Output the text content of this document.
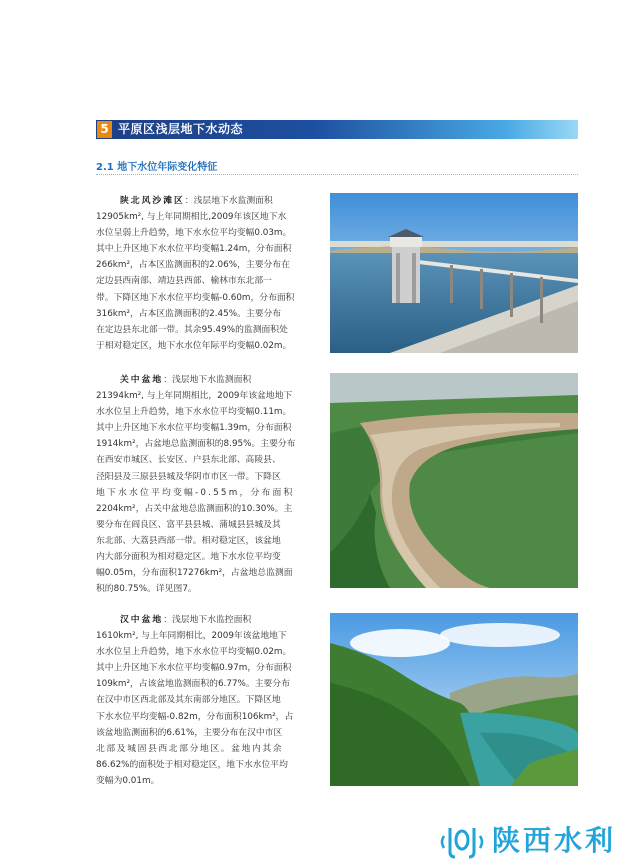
5 平原区浅层地下水动态
2.1 地下水位年际变化特征
陕北风沙滩区：浅层地下水监测面积
12905km², 与上年同期相比,2009年该区地下水
水位呈弱上升趋势，地下水水位平均变幅0.03m。
其中上升区地下水水位平均变幅1.24m，分布面积
266km²，占本区监测面积的2.06%，主要分布在
定边县西南部、靖边县西部、榆林市东北部一
带。下降区地下水水位平均变幅-0.60m，分布面积
316km²，占本区监测面积的2.45%。主要分布
在定边县东北部一带。其余95.49%的监测面积处
于相对稳定区，地下水水位年际平均变幅0.02m。
关中盆地：浅层地下水监测面积
21394km², 与上年同期相比，2009年该盆地地下
水水位呈上升趋势，地下水水位平均变幅0.11m。
其中上升区地下水水位平均变幅1.39m，分布面积
1914km²，占盆地总监测面积的8.95%。主要分布
在西安市城区、长安区、户县东北部、高陵县、
泾阳县及三原县县城及华阴市市区一带。下降区
地下水水位平均变幅-0.55m，分布面积
2204km²，占关中盆地总监测面积的10.30%。主
要分布在阎良区、富平县县城、蒲城县县城及其
东北部、大荔县西部一带。相对稳定区，该盆地
内大部分面积为相对稳定区。地下水水位平均变
幅0.05m，分布面积17276km²，占盆地总监测面
积的80.75%。详见图7。
汉中盆地：浅层地下水监控面积
1610km², 与上年同期相比，2009年该盆地地下
水水位呈上升趋势，地下水水位平均变幅0.02m。
其中上升区地下水水位平均变幅0.97m，分布面积
109km²，占该盆地监测面积的6.77%。主要分布
在汉中市区西北部及其东南部分地区。下降区地
下水水位平均变幅-0.82m，分布面积106km²，占
该盆地监测面积的6.61%，主要分布在汉中市区
北部及城固县西北部分地区。盆地内其余
86.62%的面积处于相对稳定区，地下水水位平均
变幅为0.01m。
陕西水利
